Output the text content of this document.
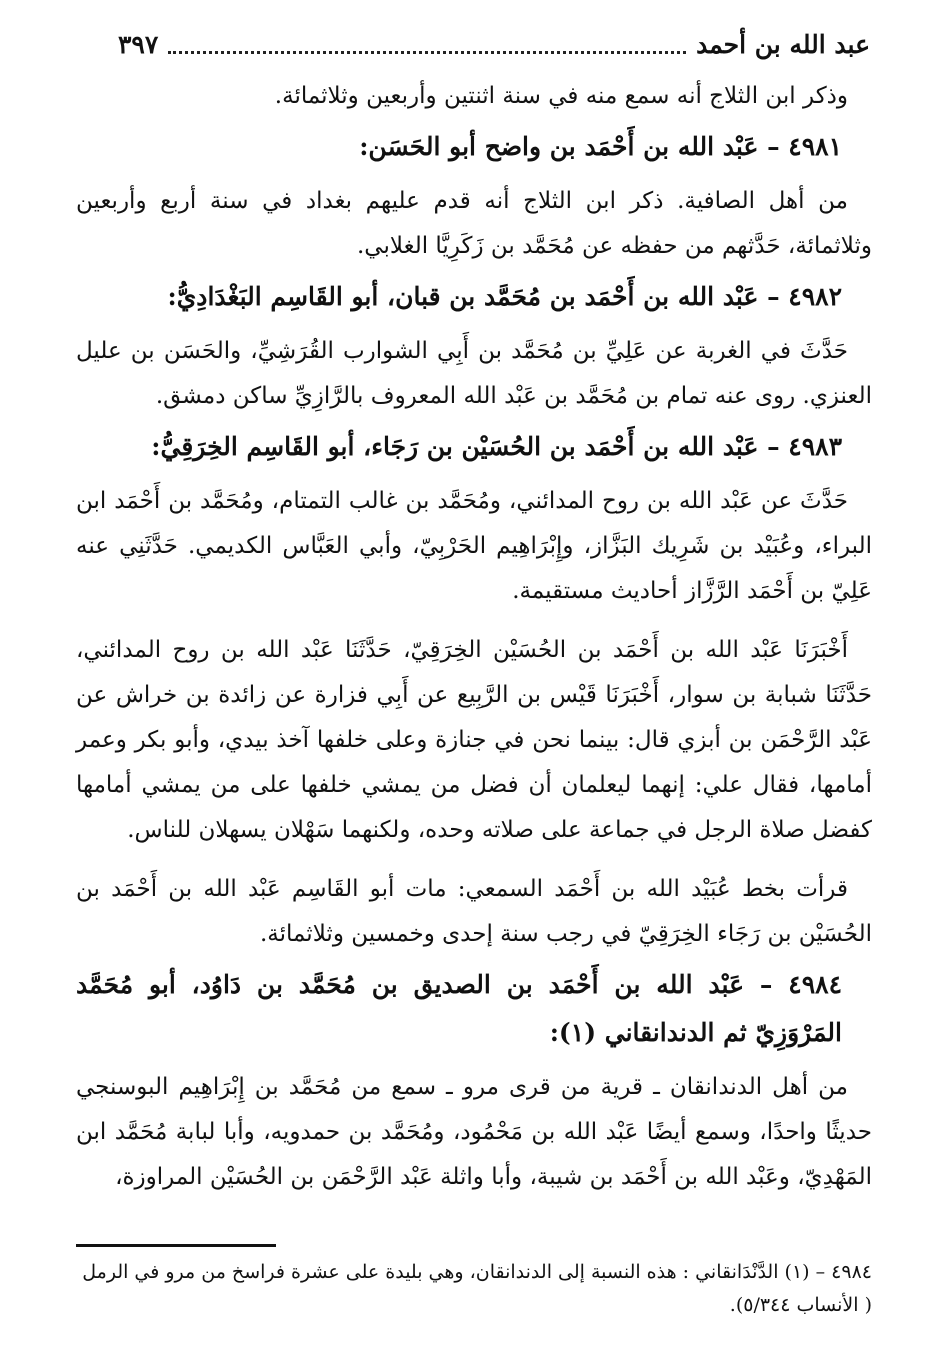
عبد الله بن أحمد
٣٩٧

وذكر ابن الثلاج أنه سمع منه في سنة اثنتين وأربعين وثلاثمائة.

٤٩٨١ – عَبْد الله بن أَحْمَد بن واضح أبو الحَسَن:

من أهل الصافية. ذكر ابن الثلاج أنه قدم عليهم بغداد في سنة أربع وأربعين وثلاثمائة، حَدَّثهم من حفظه عن مُحَمَّد بن زَكَرِيَّا الغلابي.

٤٩٨٢ – عَبْد الله بن أَحْمَد بن مُحَمَّد بن قبان، أبو القَاسِم البَغْدَادِيُّ:

حَدَّثَ في الغربة عن عَلِيِّ بن مُحَمَّد بن أَبِي الشوارب القُرَشِيِّ، والحَسَن بن عليل العنزي. روى عنه تمام بن مُحَمَّد بن عَبْد الله المعروف بالرَّازِيِّ ساكن دمشق.

٤٩٨٣ – عَبْد الله بن أَحْمَد بن الحُسَيْن بن رَجَاء، أبو القَاسِم الخِرَقِيُّ:

حَدَّثَ عن عَبْد الله بن روح المدائني، ومُحَمَّد بن غالب التمتام، ومُحَمَّد بن أَحْمَد ابن البراء، وعُبَيْد بن شَرِيك البَزَّاز، وإِبْرَاهِيم الحَرْبِيّ، وأبي العَبَّاس الكديمي. حَدَّثَنِي عنه عَلِيّ بن أَحْمَد الرَّزَّاز أحاديث مستقيمة.

أَخْبَرَنَا عَبْد الله بن أَحْمَد بن الحُسَيْن الخِرَقِيّ، حَدَّثَنَا عَبْد الله بن روح المدائني، حَدَّثَنَا شبابة بن سوار، أَخْبَرَنَا قَيْس بن الرَّبِيع عن أَبِي فزارة عن زائدة بن خراش عن عَبْد الرَّحْمَن بن أبزي قال: بينما نحن في جنازة وعلى خلفها آخذ بيدي، وأبو بكر وعمر أمامها، فقال علي: إنهما ليعلمان أن فضل من يمشي خلفها على من يمشي أمامها كفضل صلاة الرجل في جماعة على صلاته وحده، ولكنهما سَهْلان يسهلان للناس.

قرأت بخط عُبَيْد الله بن أَحْمَد السمعي: مات أبو القَاسِم عَبْد الله بن أَحْمَد بن الحُسَيْن بن رَجَاء الخِرَقِيّ في رجب سنة إحدى وخمسين وثلاثمائة.

٤٩٨٤ – عَبْد الله بن أَحْمَد بن الصديق بن مُحَمَّد بن دَاوُد، أبو مُحَمَّد المَرْوَزِيّ ثم الدندانقاني (١):

من أهل الدندانقان ـ قرية من قرى مرو ـ سمع من مُحَمَّد بن إِبْرَاهِيم البوسنجي حديثًا واحدًا، وسمع أيضًا عَبْد الله بن مَحْمُود، ومُحَمَّد بن حمدويه، وأبا لبابة مُحَمَّد ابن المَهْدِيّ، وعَبْد الله بن أَحْمَد بن شيبة، وأبا واثلة عَبْد الرَّحْمَن بن الحُسَيْن المراوزة،

٤٩٨٤ – (١) الدَّنْدَانقاني : هذه النسبة إلى الدندانقان، وهي بليدة على عشرة فراسخ من مرو في الرمل
( الأنساب ٥/٣٤٤).
